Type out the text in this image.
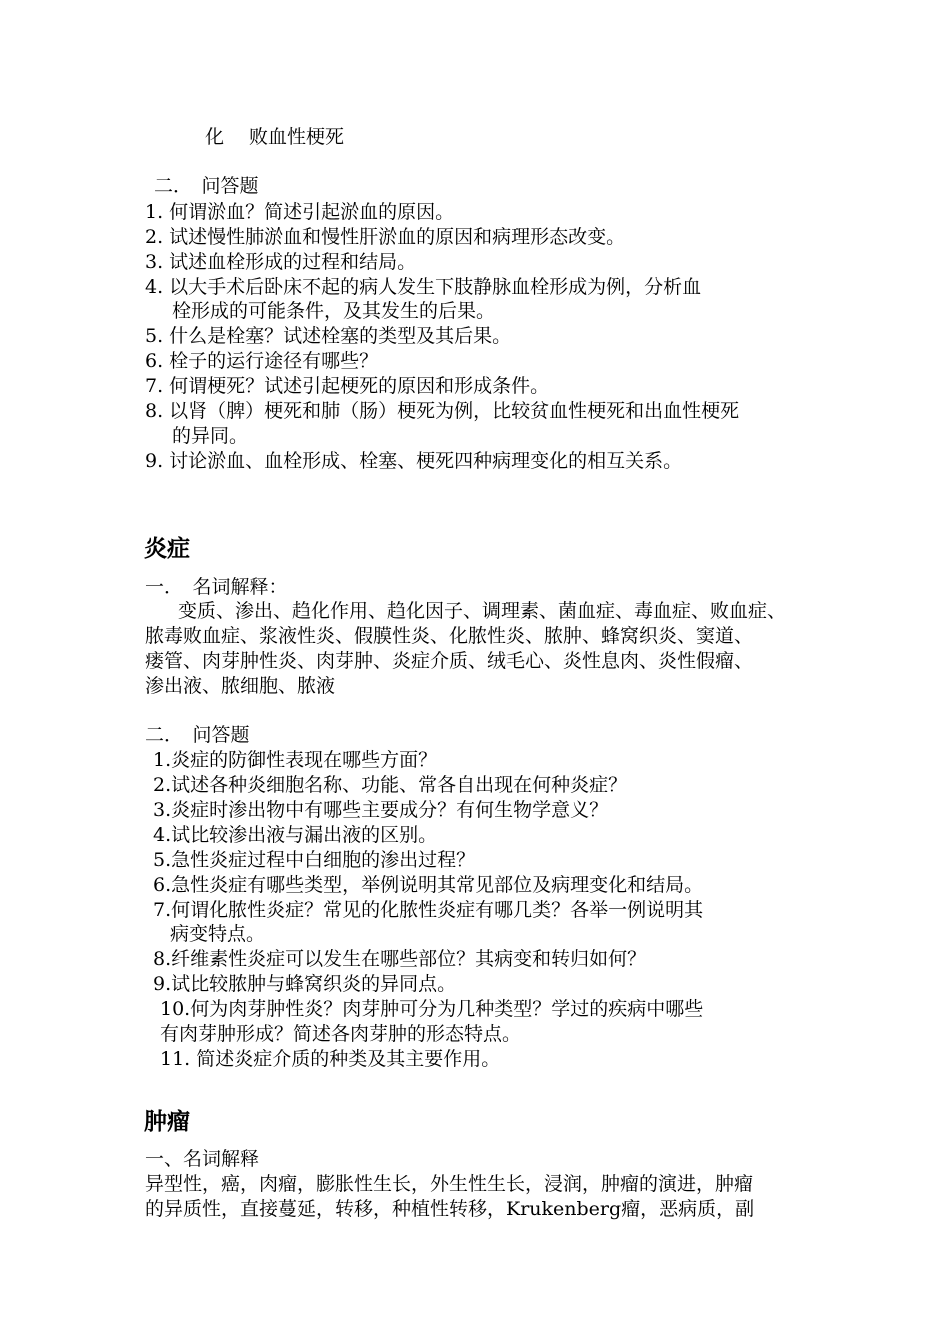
化　 败血性梗死
二．　问答题
1. 何谓淤血？简述引起淤血的原因。
2. 试述慢性肺淤血和慢性肝淤血的原因和病理形态改变。
3. 试述血栓形成的过程和结局。
4. 以大手术后卧床不起的病人发生下肢静脉血栓形成为例，分析血
栓形成的可能条件，及其发生的后果。
5. 什么是栓塞？试述栓塞的类型及其后果。
6. 栓子的运行途径有哪些？
7. 何谓梗死？试述引起梗死的原因和形成条件。
8. 以肾（脾）梗死和肺（肠）梗死为例，比较贫血性梗死和出血性梗死
的异同。
9. 讨论淤血、血栓形成、栓塞、梗死四种病理变化的相互关系。
炎症
一．　名词解释：
变质、渗出、趋化作用、趋化因子、调理素、菌血症、毒血症、败血症、
脓毒败血症、浆液性炎、假膜性炎、化脓性炎、脓肿、蜂窝织炎、窦道、
瘘管、肉芽肿性炎、肉芽肿、炎症介质、绒毛心、炎性息肉、炎性假瘤、
渗出液、脓细胞、脓液
二．　问答题
1.炎症的防御性表现在哪些方面？
2.试述各种炎细胞名称、功能、常各自出现在何种炎症？
3.炎症时渗出物中有哪些主要成分？有何生物学意义？
4.试比较渗出液与漏出液的区别。
5.急性炎症过程中白细胞的渗出过程？
6.急性炎症有哪些类型，举例说明其常见部位及病理变化和结局。
7.何谓化脓性炎症？常见的化脓性炎症有哪几类？各举一例说明其
病变特点。
8.纤维素性炎症可以发生在哪些部位？其病变和转归如何？
9.试比较脓肿与蜂窝织炎的异同点。
10.何为肉芽肿性炎？肉芽肿可分为几种类型？学过的疾病中哪些
有肉芽肿形成？简述各肉芽肿的形态特点。
11. 简述炎症介质的种类及其主要作用。
肿瘤
一、名词解释
异型性，癌，肉瘤，膨胀性生长，外生性生长，浸润，肿瘤的演进，肿瘤
的异质性，直接蔓延，转移，种植性转移，Krukenberg瘤，恶病质，副
